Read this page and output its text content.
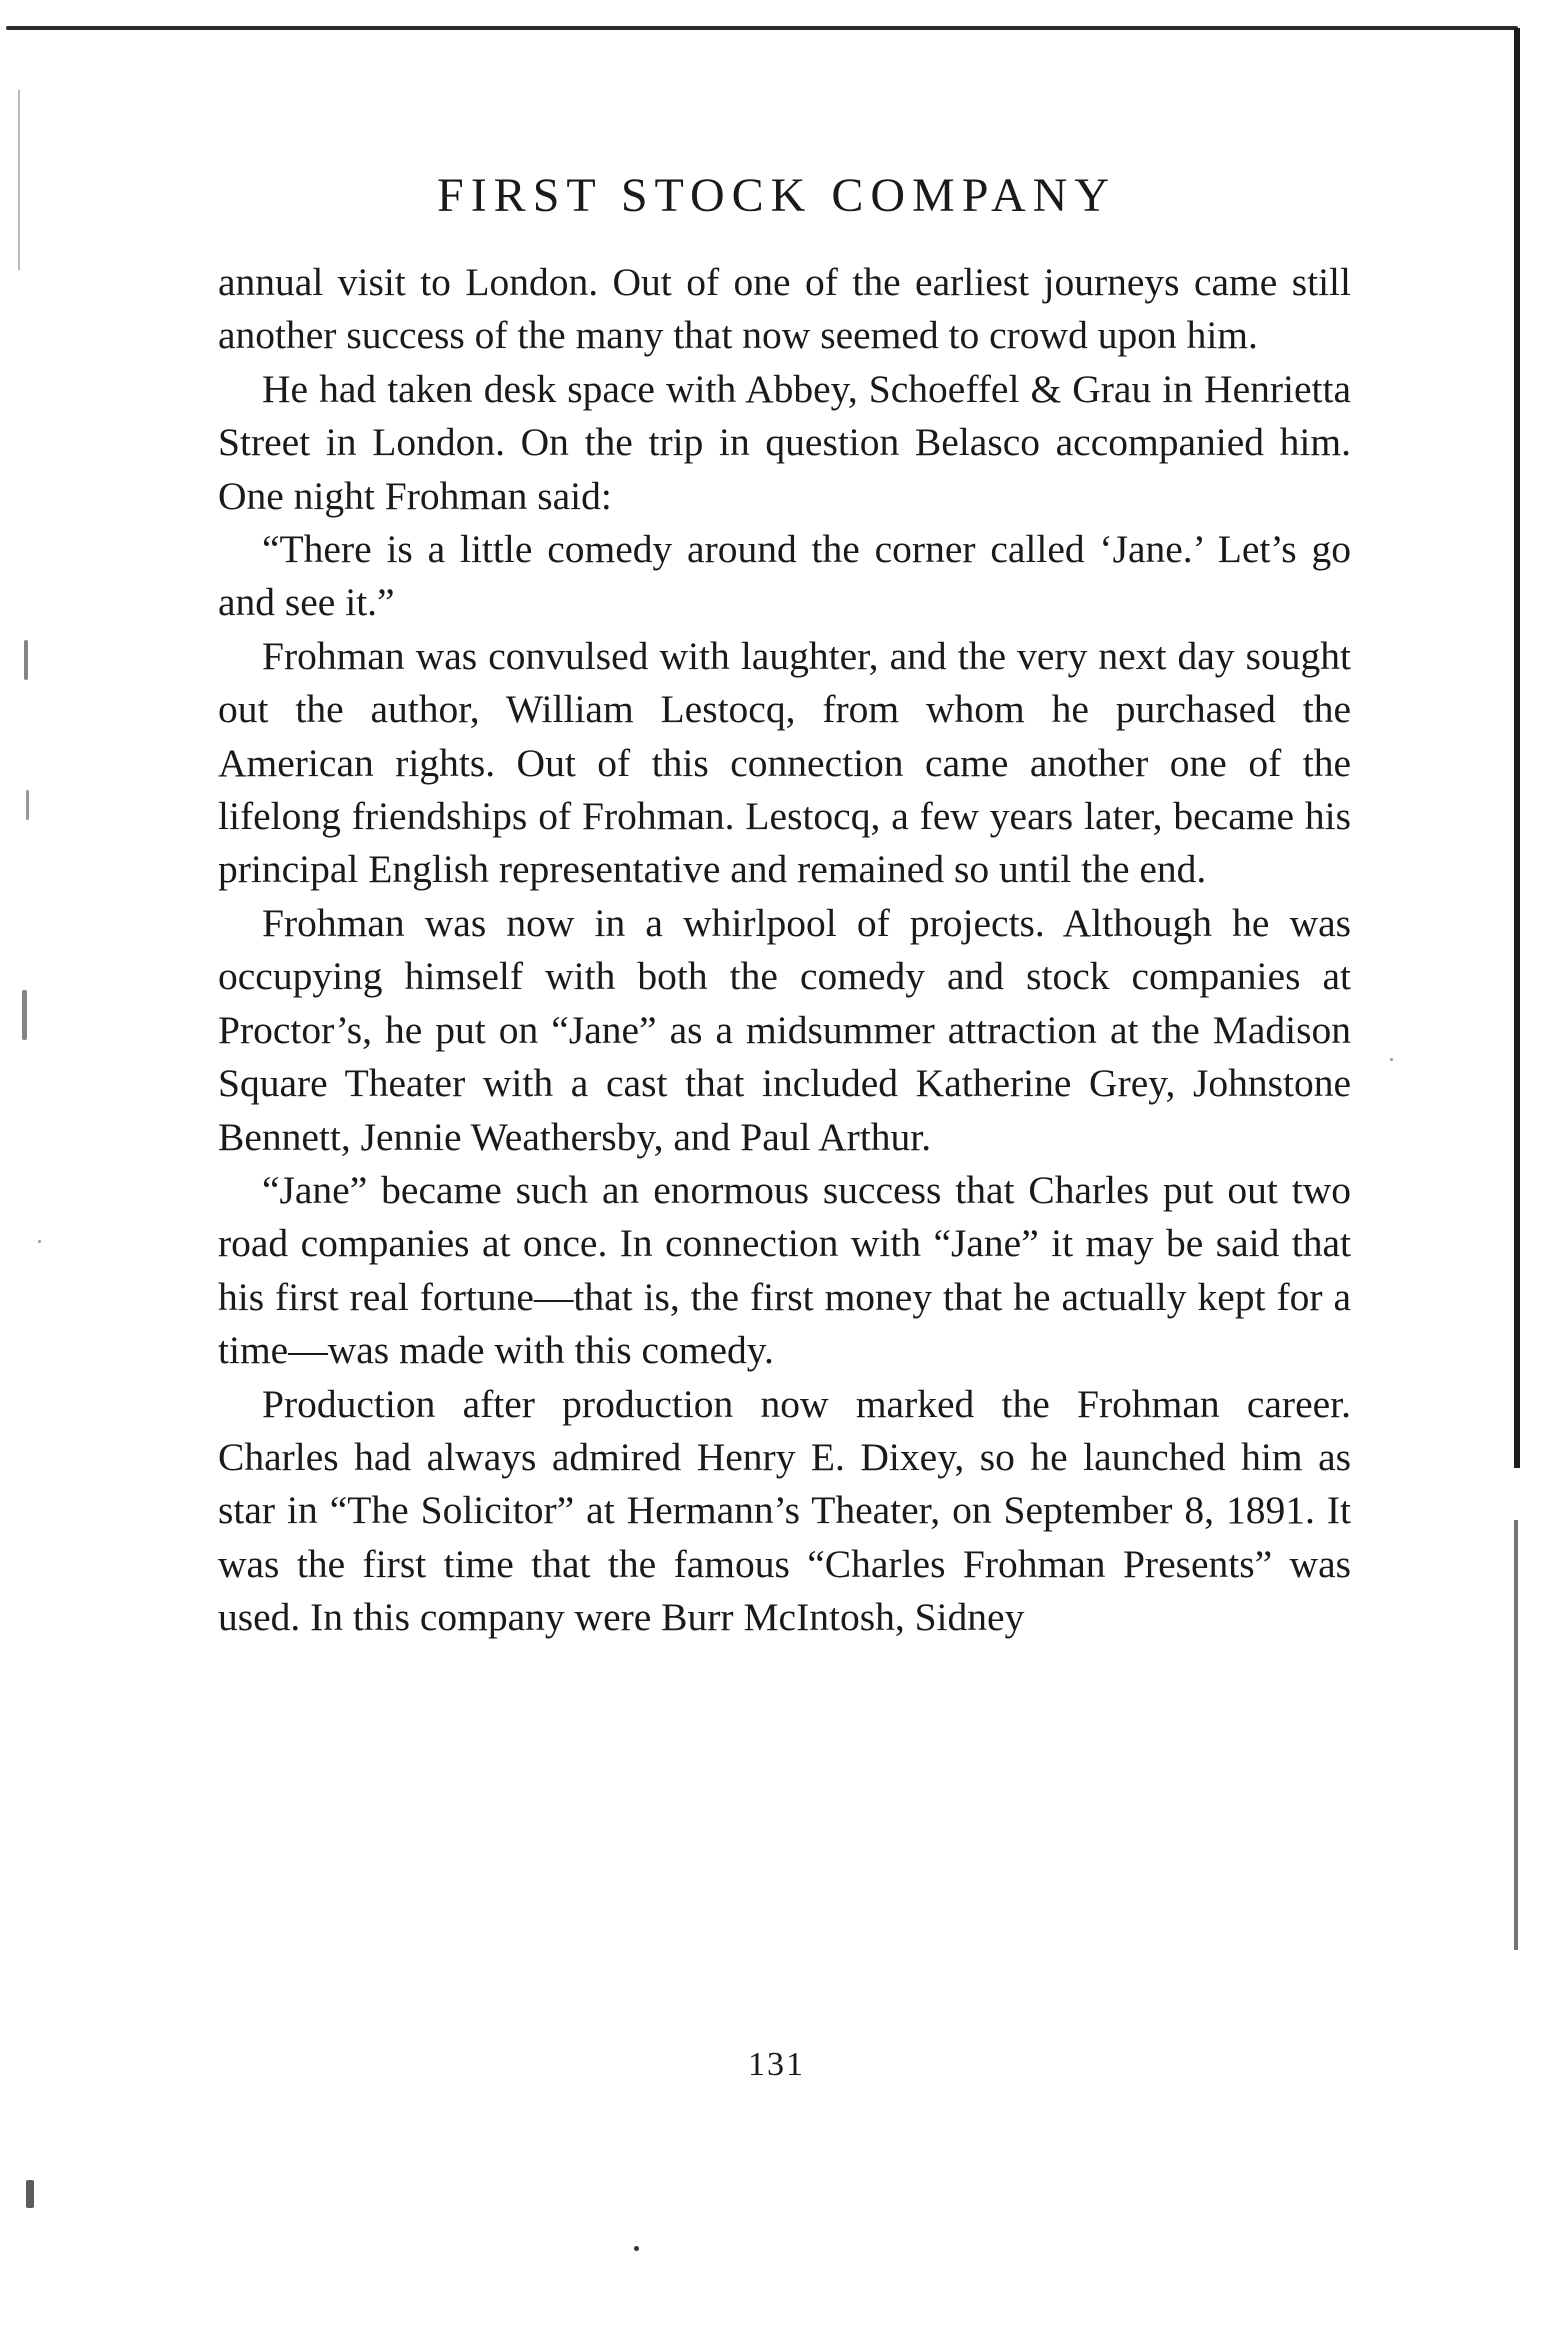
FIRST STOCK COMPANY

annual visit to London. Out of one of the earliest journeys came still another success of the many that now seemed to crowd upon him.

He had taken desk space with Abbey, Schoeffel & Grau in Henrietta Street in London. On the trip in question Belasco accompanied him. One night Frohman said:

“There is a little comedy around the corner called ‘Jane.’ Let’s go and see it.”

Frohman was convulsed with laughter, and the very next day sought out the author, William Lestocq, from whom he purchased the American rights. Out of this connection came another one of the lifelong friendships of Frohman. Lestocq, a few years later, became his principal English representative and remained so until the end.

Frohman was now in a whirlpool of projects. Although he was occupying himself with both the comedy and stock companies at Proctor’s, he put on “Jane” as a midsummer attraction at the Madison Square Theater with a cast that included Katherine Grey, Johnstone Bennett, Jennie Weathersby, and Paul Arthur.

“Jane” became such an enormous success that Charles put out two road companies at once. In connection with “Jane” it may be said that his first real fortune—that is, the first money that he actually kept for a time—was made with this comedy.

Production after production now marked the Frohman career. Charles had always admired Henry E. Dixey, so he launched him as star in “The Solicitor” at Hermann’s Theater, on September 8, 1891. It was the first time that the famous “Charles Frohman Presents” was used. In this company were Burr McIntosh, Sidney

131
